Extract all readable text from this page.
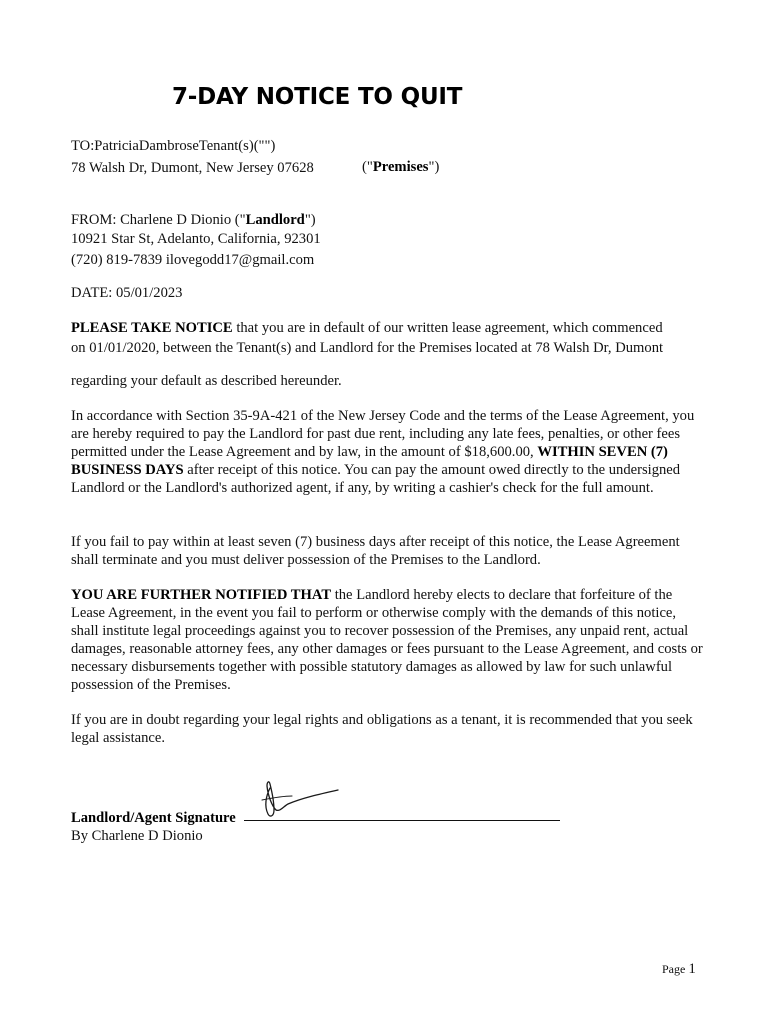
7-DAY NOTICE TO QUIT
TO:PatriciaDambroseTenant(s)("")
78 Walsh Dr, Dumont, New Jersey 07628	("Premises")
FROM: Charlene D Dionio ("Landlord")
10921 Star St, Adelanto, California, 92301
(720) 819-7839 ilovegodd17@gmail.com
DATE: 05/01/2023
PLEASE TAKE NOTICE that you are in default of our written lease agreement, which commenced
on 01/01/2020, between the Tenant(s) and Landlord for the Premises located at 78 Walsh Dr, Dumont
regarding your default as described hereunder.

In accordance with Section 35-9A-421 of the New Jersey Code and the terms of the Lease Agreement, you are hereby required to pay the Landlord for past due rent, including any late fees, penalties, or other fees permitted under the Lease Agreement and by law, in the amount of $18,600.00, WITHIN SEVEN (7) BUSINESS DAYS after receipt of this notice. You can pay the amount owed directly to the undersigned Landlord or the Landlord's authorized agent, if any, by writing a cashier's check for the full amount.

If you fail to pay within at least seven (7) business days after receipt of this notice, the Lease Agreement shall terminate and you must deliver possession of the Premises to the Landlord.

YOU ARE FURTHER NOTIFIED THAT the Landlord hereby elects to declare that forfeiture of the Lease Agreement, in the event you fail to perform or otherwise comply with the demands of this notice, shall institute legal proceedings against you to recover possession of the Premises, any unpaid rent, actual damages, reasonable attorney fees, any other damages or fees pursuant to the Lease Agreement, and costs or necessary disbursements together with possible statutory damages as allowed by law for such unlawful possession of the Premises.

If you are in doubt regarding your legal rights and obligations as a tenant, it is recommended that you seek legal assistance.

Landlord/Agent Signature
By Charlene D Dionio
Page 1
